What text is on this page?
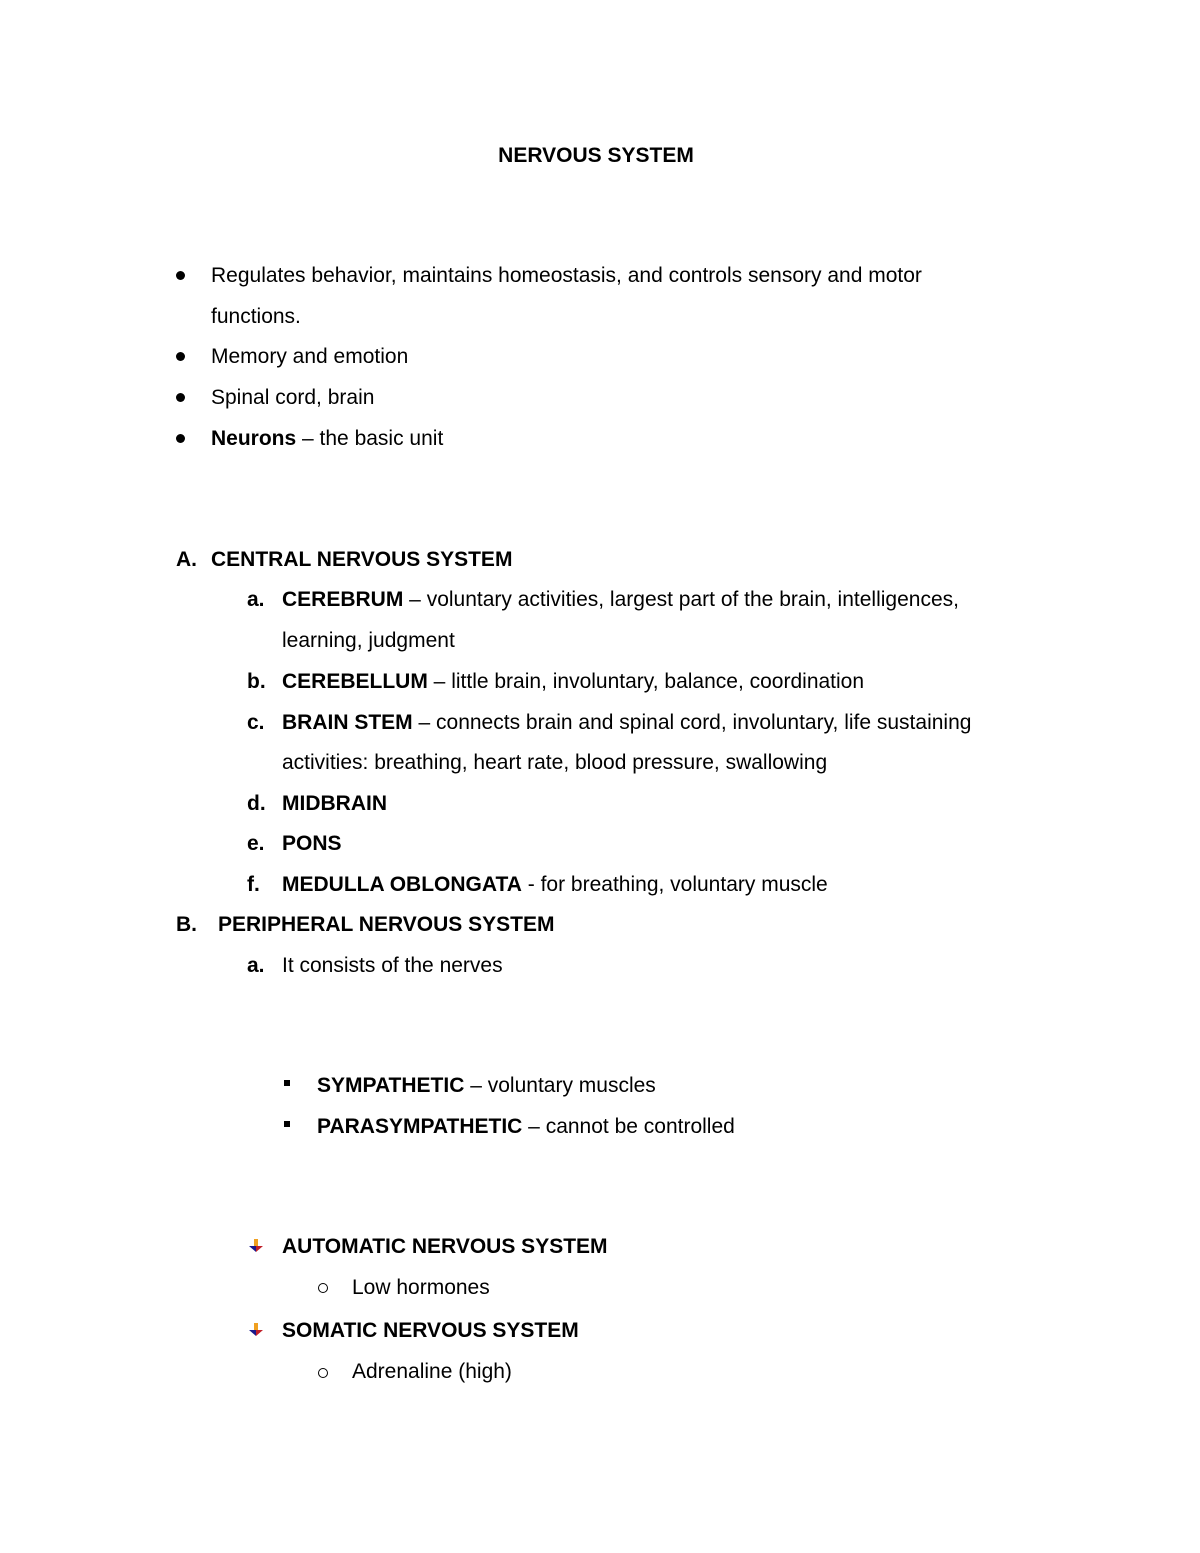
NERVOUS SYSTEM
Regulates behavior, maintains homeostasis, and controls sensory and motor
functions.
Memory and emotion
Spinal cord, brain
Neurons – the basic unit
A. CENTRAL NERVOUS SYSTEM
a. CEREBRUM – voluntary activities, largest part of the brain, intelligences,
learning, judgment
b. CEREBELLUM – little brain, involuntary, balance, coordination
c. BRAIN STEM – connects brain and spinal cord, involuntary, life sustaining
activities: breathing, heart rate, blood pressure, swallowing
d. MIDBRAIN
e. PONS
f. MEDULLA OBLONGATA - for breathing, voluntary muscle
B. PERIPHERAL NERVOUS SYSTEM
a. It consists of the nerves
SYMPATHETIC – voluntary muscles
PARASYMPATHETIC – cannot be controlled
AUTOMATIC NERVOUS SYSTEM
Low hormones
SOMATIC NERVOUS SYSTEM
Adrenaline (high)
